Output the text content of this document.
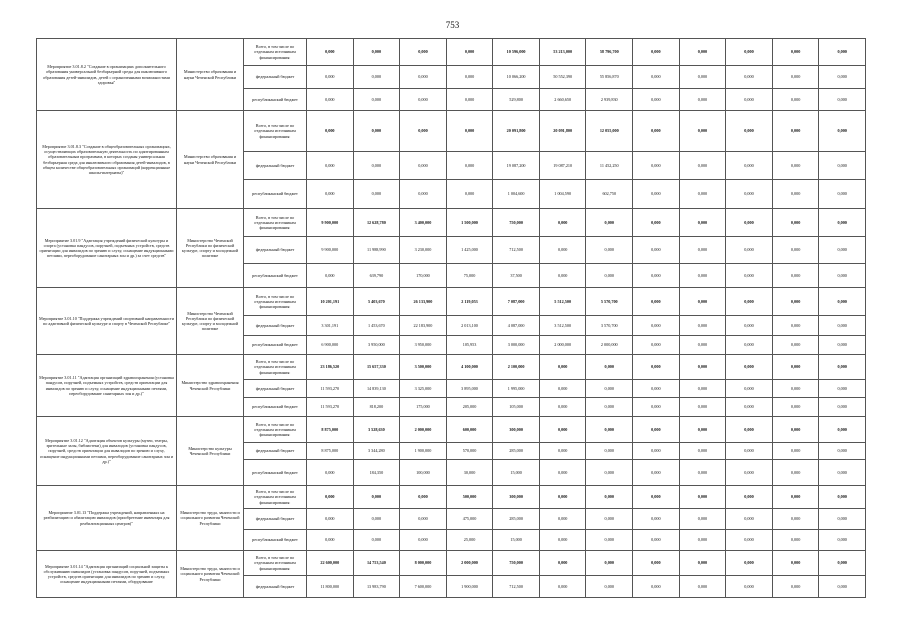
753
Мероприятие 3.01.8.2 "Создание в организациях дополнительного образования универсальной безбарьерной среды для инклюзивного образования детей-инвалидов, детей с ограниченными возможностями здоровья"	Министерство образования и науки Чеченской Республики	Всего, в том числе по отдельным источникам финансирования:	0,000	0,000	0,000	0,000	10 596,000	53 213,000	58 796,700	0,000	0,000	0,000	0,000	0,000
		федеральный бюджет	0,000	0,000	0,000	0,000	10 066,200	50 552,390	55 856,870	0,000	0,000	0,000	0,000	0,000
		республиканский бюджет	0,000	0,000	0,000	0,000	529,800	2 660,650	2 939,830	0,000	0,000	0,000	0,000	0,000
Мероприятие 3.01.8.3 "Создание в общеобразовательных организациях, осуществляющих образовательную деятельность по адаптированным образовательным программам, в которых созданы универсальная безбарьерная среда для инклюзивного образования детей-инвалидов, в общем количестве общеобразовательных организаций (коррекционные школы-интернаты)"	Министерство образования и науки Чеченской Республики	Всего, в том числе по отдельным источникам финансирования:	0,000	0,000	0,000	0,000	20 091,800	20 091,800	12 055,000	0,000	0,000	0,000	0,000	0,000
		федеральный бюджет	0,000	0,000	0,000	0,000	19 087,200	19 087,210	11 452,250	0,000	0,000	0,000	0,000	0,000
		республиканский бюджет	0,000	0,000	0,000	0,000	1 004,600	1 004,590	602,750	0,000	0,000	0,000	0,000	0,000
Мероприятие 3.01.9 "Адаптация учреждений физической культуры и спорта (установка пандусов, поручней, подъемных устройств, средств ориентации для инвалидов по зрению и слуху, оснащение индукционными петлями, переоборудование санитарных зон и др.) за счет средств"	Министерство Чеченской Республики по физической культуре, спорту и молодежной политике	Всего, в том числе по отдельным источникам финансирования:	9 900,000	12 628,780	3 400,000	1 500,000	750,000	0,000	0,000	0,000	0,000	0,000	0,000	0,000
		федеральный бюджет	9 900,000	11 988,990	3 230,000	1 425,000	712,500	0,000	0,000	0,000	0,000	0,000	0,000	0,000
		республиканский бюджет	0,000	639,790	170,000	75,000	37,500	0,000	0,000	0,000	0,000	0,000	0,000	0,000
Мероприятие 3.01.10 "Поддержка учреждений спортивной направленности по адаптивной физической культуре и спорту в Чеченской Республике"	Министерство Чеченской Республики по физической культуре, спорту и молодежной политике	Всего, в том числе по отдельным источникам финансирования:	10 201,191	5 403,670	26 133,900	2 119,053	7 087,000	5 512,500	5 570,700	0,000	0,000	0,000	0,000	0,000
		федеральный бюджет	3 301,191	1 453,670	22 183,900	2 013,100	4 087,000	3 512,500	3 570,700	0,000	0,000	0,000	0,000	0,000
		республиканский бюджет	6 900,000	3 950,000	3 950,000	105,953	3 000,000	2 000,000	2 000,000	0,000	0,000	0,000	0,000	0,000
Мероприятие 3.01.11 "Адаптация организаций здравоохранения (установка пандусов, поручней, подъемных устройств, средств ориентации для инвалидов по зрению и слуху, оснащение индукционными петлями, переоборудование санитарных зон и др.)"	Министерство здравоохранения Чеченской Республики	Всего, в том числе по отдельным источникам финансирования:	23 186,520	15 657,330	3 500,000	4 100,000	2 100,000	0,000	0,000	0,000	0,000	0,000	0,000	0,000
		федеральный бюджет	11 593,270	14 839,130	3 325,000	3 895,000	1 995,000	0,000	0,000	0,000	0,000	0,000	0,000	0,000
		республиканский бюджет	11 593,270	818,200	175,000	205,000	105,000	0,000	0,000	0,000	0,000	0,000	0,000	0,000
Мероприятие 3.01.12 "Адаптация объектов культуры (музеи, театры, зрительные залы, библиотеки) для инвалидов (установка пандусов, поручней, средств ориентации для инвалидов по зрению и слуху, оснащение индукционными петлями, переоборудование санитарных зон и др.)"	Министерство культуры Чеченской Республики	Всего, в том числе по отдельным источникам финансирования:	8 875,000	3 528,630	2 000,000	600,000	300,000	0,000	0,000	0,000	0,000	0,000	0,000	0,000
		федеральный бюджет	8 875,000	3 344,280	1 900,000	570,000	285,000	0,000	0,000	0,000	0,000	0,000	0,000	0,000
		республиканский бюджет	0,000	184,350	100,000	30,000	15,000	0,000	0,000	0,000	0,000	0,000	0,000	0,000
Мероприятие 3.01.13 "Поддержка учреждений, направленных на реабилитацию и абилитацию инвалидов (приобретение инвентаря для реабилитационных центров)"	Министерство труда, занятости и социального развития Чеченской Республики	Всего, в том числе по отдельным источникам финансирования:	0,000	0,000	0,000	500,000	300,000	0,000	0,000	0,000	0,000	0,000	0,000	0,000
		федеральный бюджет	0,000	0,000	0,000	475,000	285,000	0,000	0,000	0,000	0,000	0,000	0,000	0,000
		республиканский бюджет	0,000	0,000	0,000	25,000	15,000	0,000	0,000	0,000	0,000	0,000	0,000	0,000
Мероприятие 3.01.14 "Адаптация организаций социальной защиты к обслуживанию инвалидов (установка пандусов, поручней, подъемных устройств, средств ориентации для инвалидов по зрению и слуху, оснащение индукционными петлями, оборудование	Министерство труда, занятости и социального развития Чеченской Республики	Всего, в том числе по отдельным источникам финансирования:	22 600,000	14 753,540	8 000,000	2 000,000	750,000	0,000	0,000	0,000	0,000	0,000	0,000	0,000
		федеральный бюджет	11 800,000	13 983,790	7 600,000	1 900,000	712,500	0,000	0,000	0,000	0,000	0,000	0,000	0,000
